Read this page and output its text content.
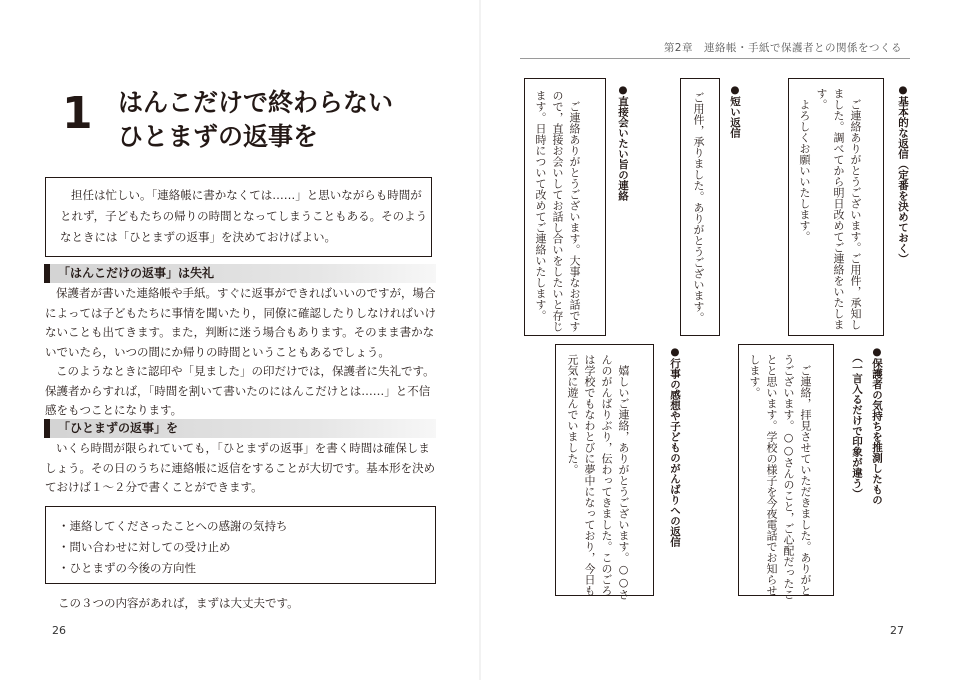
1 はんこだけで終わらない
ひとまずの返事を
担任は忙しい。「連絡帳に書かなくては……」と思いながらも時間が
とれず，子どもたちの帰りの時間となってしまうこともある。そのよう
なときには「ひとまずの返事」を決めておけばよい。
「はんこだけの返事」は失礼
保護者が書いた連絡帳や手紙。すぐに返事ができればいいのですが，場合
によっては子どもたちに事情を聞いたり，同僚に確認したりしなければいけ
ないことも出てきます。また，判断に迷う場合もあります。そのまま書かな
いでいたら，いつの間にか帰りの時間ということもあるでしょう。
このようなときに認印や「見ました」の印だけでは，保護者に失礼です。
保護者からすれば，「時間を割いて書いたのにはんこだけとは……」と不信
感をもつことになります。
「ひとまずの返事」を
いくら時間が限られていても，「ひとまずの返事」を書く時間は確保しま
しょう。その日のうちに連絡帳に返信をすることが大切です。基本形を決め
ておけば１～２分で書くことができます。
・連絡してくださったことへの感謝の気持ち
・問い合わせに対しての受け止め
・ひとまずの今後の方向性
この３つの内容があれば，まずは大丈夫です。
26
第2章　連絡帳・手紙で保護者との関係をつくる
●基本的な返信（定番を決めておく）
ご連絡ありがとうございます。ご用件，承知し
ました。調べてから明日改めてご連絡をいたしま
す。
よろしくお願いいたします。
●短い返信
ご用件，承りました。ありがとうございます。
●直接会いたい旨の連絡
ご連絡ありがとうございます。大事なお話です
ので，直接お会いしてお話し合いをしたいと存じ
ます。日時について改めてご連絡いたします。
●保護者の気持ちを推測したもの
（一言入るだけで印象が違う）
ご連絡，拝見させていただきました。ありがと
うございます。○○さんのこと，ご心配だったこ
とと思います。学校の様子を今夜電話でお知らせ
します。
●行事の感想や子どものがんばりへの返信
嬉しいご連絡，ありがとうございます。○○さ
んのがんばりぶり，伝わってきました。このごろ
は学校でもなわとびに夢中になっており，今日も
元気に遊んでいました。
27
